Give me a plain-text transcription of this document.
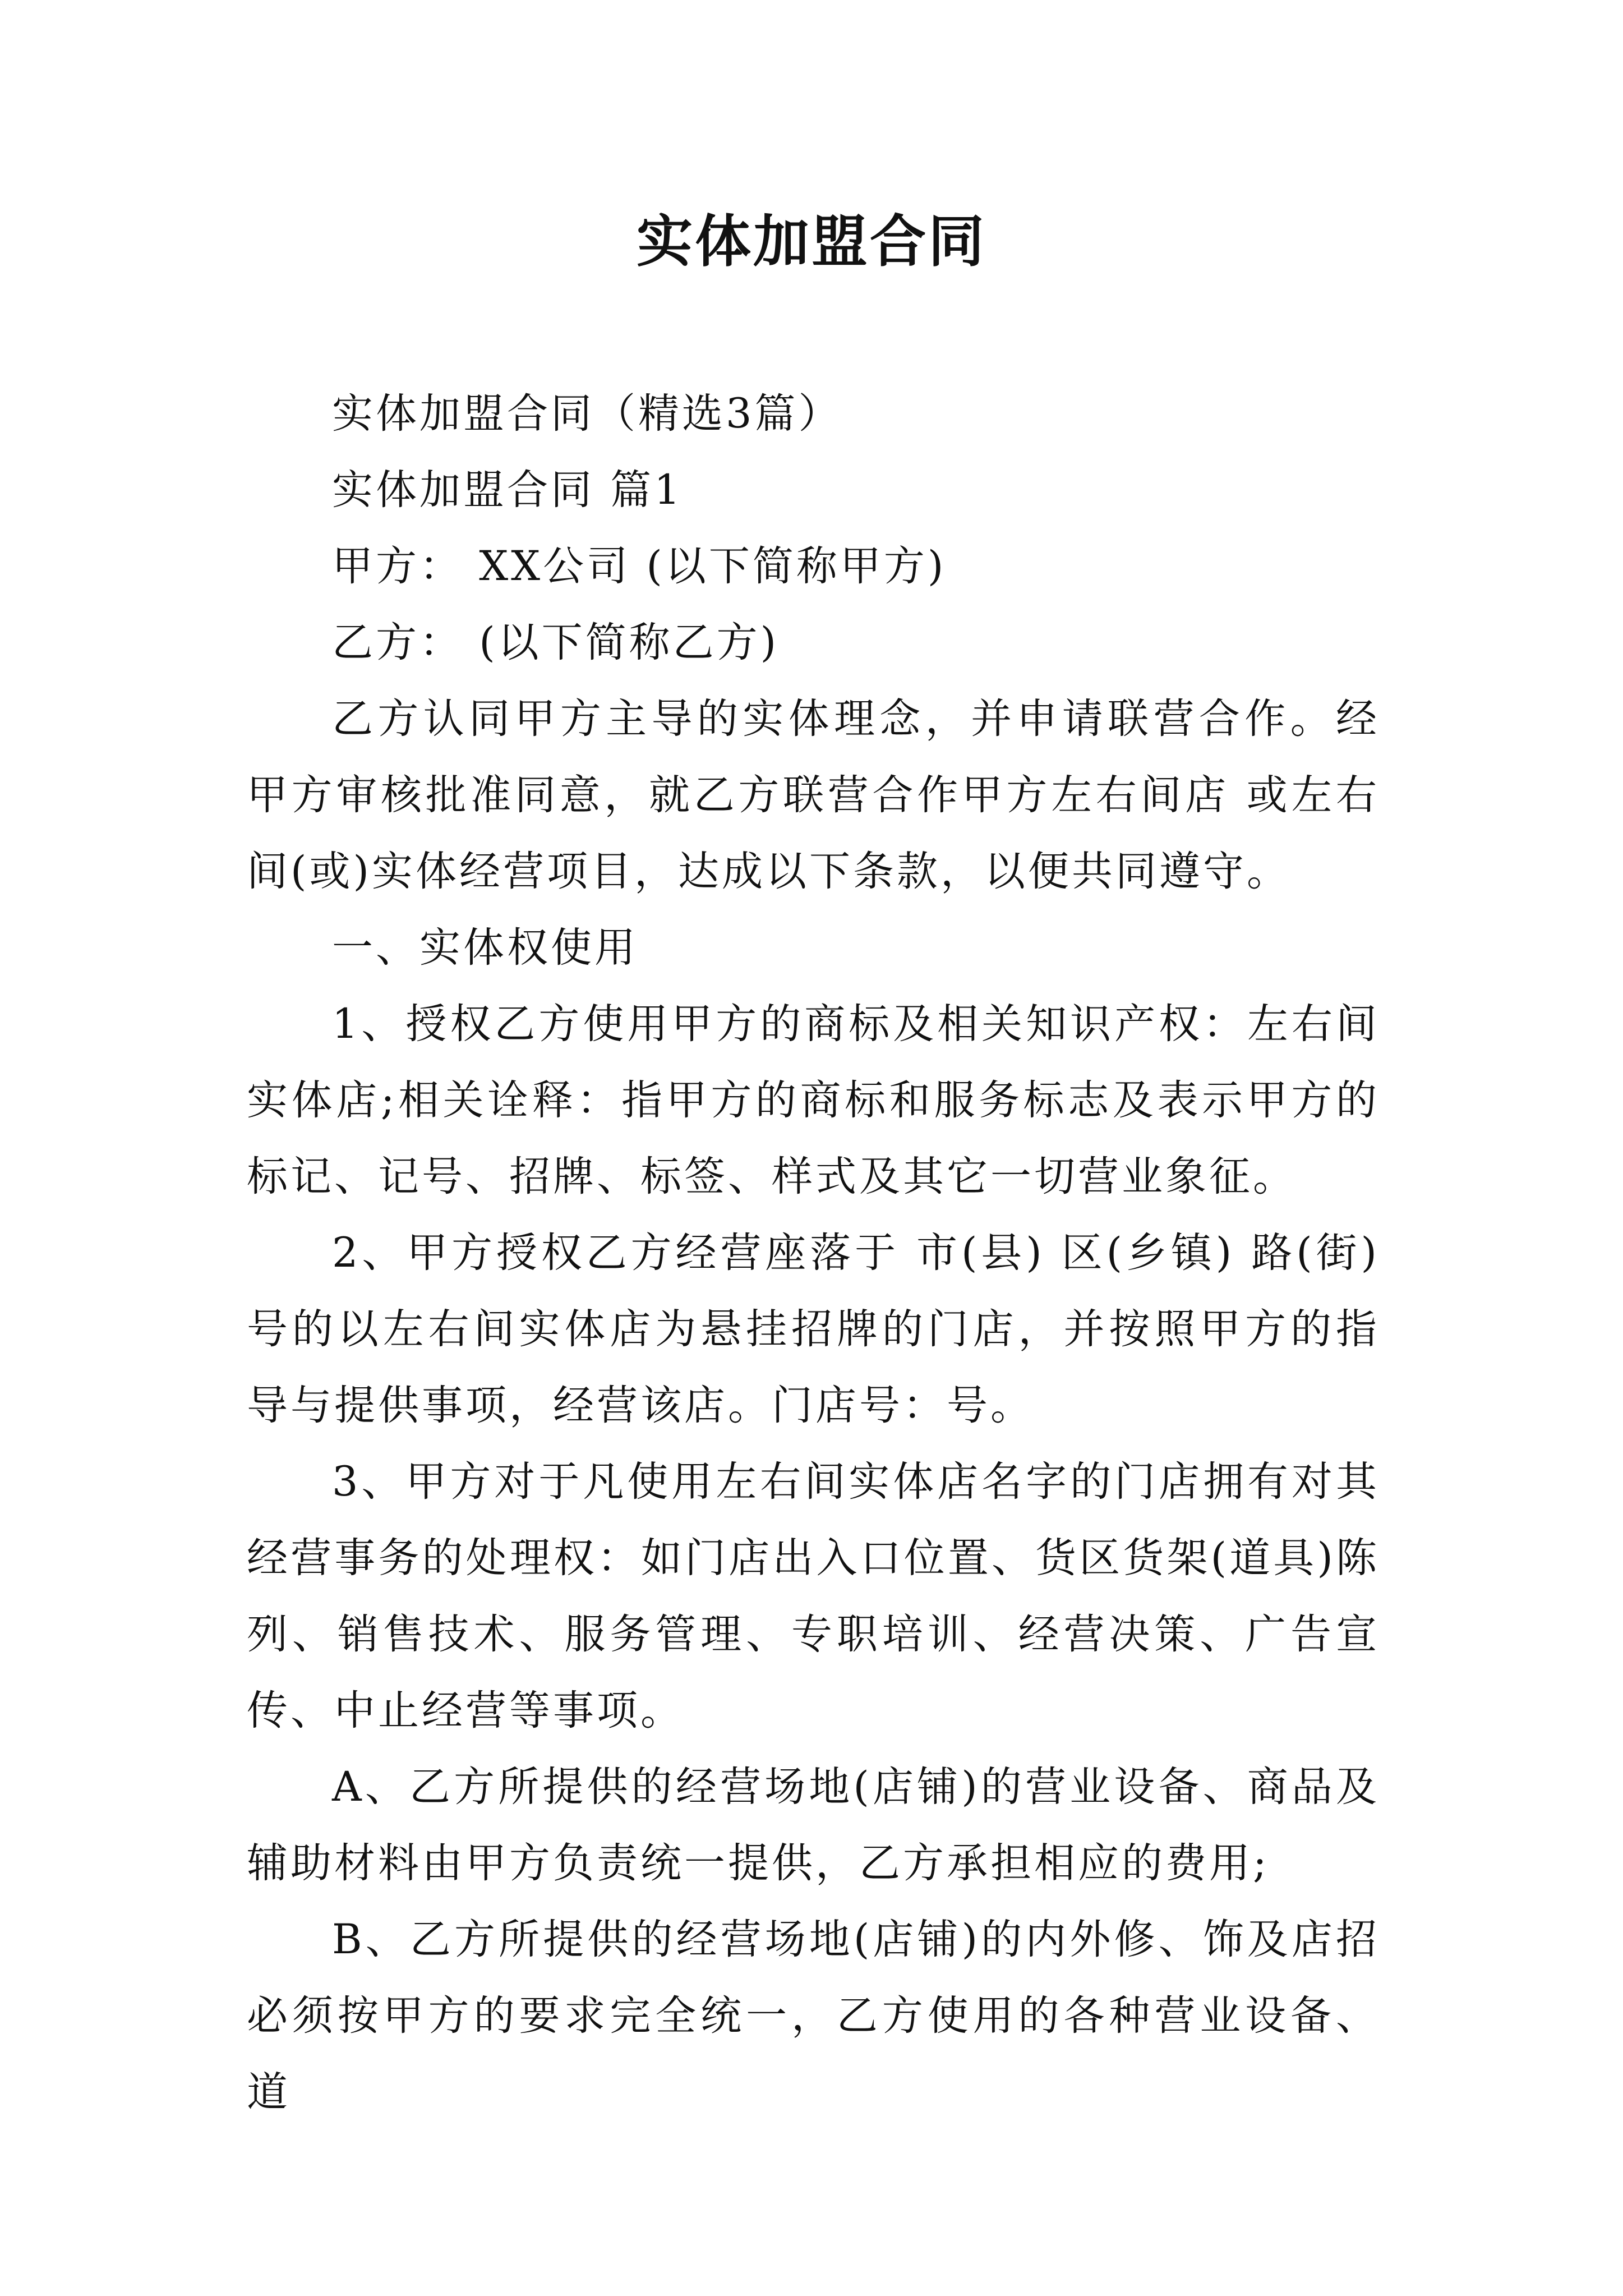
实体加盟合同

实体加盟合同（精选3篇）

实体加盟合同 篇1

甲方： XX公司 (以下简称甲方)

乙方： (以下简称乙方)

乙方认同甲方主导的实体理念，并申请联营合作。经甲方审核批准同意，就乙方联营合作甲方左右间店 或左右间(或)实体经营项目，达成以下条款，以便共同遵守。

一、实体权使用

1、授权乙方使用甲方的商标及相关知识产权：左右间实体店;相关诠释：指甲方的商标和服务标志及表示甲方的标记、记号、招牌、标签、样式及其它一切营业象征。

2、甲方授权乙方经营座落于 市(县) 区(乡镇) 路(街) 号的以左右间实体店为悬挂招牌的门店，并按照甲方的指导与提供事项，经营该店。门店号：号。

3、甲方对于凡使用左右间实体店名字的门店拥有对其经营事务的处理权：如门店出入口位置、货区货架(道具)陈列、销售技术、服务管理、专职培训、经营决策、广告宣传、中止经营等事项。

A、乙方所提供的经营场地(店铺)的营业设备、商品及辅助材料由甲方负责统一提供，乙方承担相应的费用;

B、乙方所提供的经营场地(店铺)的内外修、饰及店招必须按甲方的要求完全统一，乙方使用的各种营业设备、道
